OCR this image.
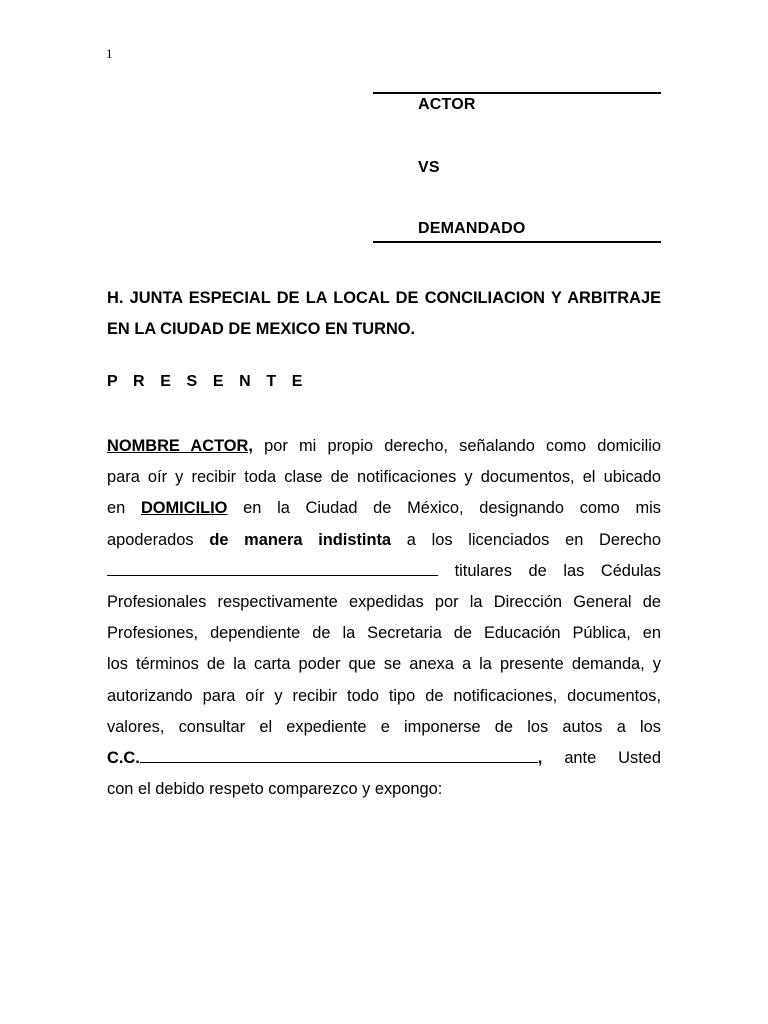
1
ACTOR
VS
DEMANDADO

H. JUNTA ESPECIAL DE LA LOCAL DE CONCILIACION Y ARBITRAJE EN LA CIUDAD DE MEXICO EN TURNO.

P R E S E N T E

NOMBRE ACTOR, por mi propio derecho, señalando como domicilio
para oír y recibir toda clase de notificaciones y documentos, el ubicado
en DOMICILIO en la Ciudad de México, designando como mis
apoderados de manera indistinta a los licenciados en Derecho
titulares de las Cédulas
Profesionales respectivamente expedidas por la Dirección General de
Profesiones, dependiente de la Secretaria de Educación Pública, en
los términos de la carta poder que se anexa a la presente demanda, y
autorizando para oír y recibir todo tipo de notificaciones, documentos,
valores, consultar el expediente e imponerse de los autos a los
C.C.	, ante Usted
con el debido respeto comparezco y expongo:
